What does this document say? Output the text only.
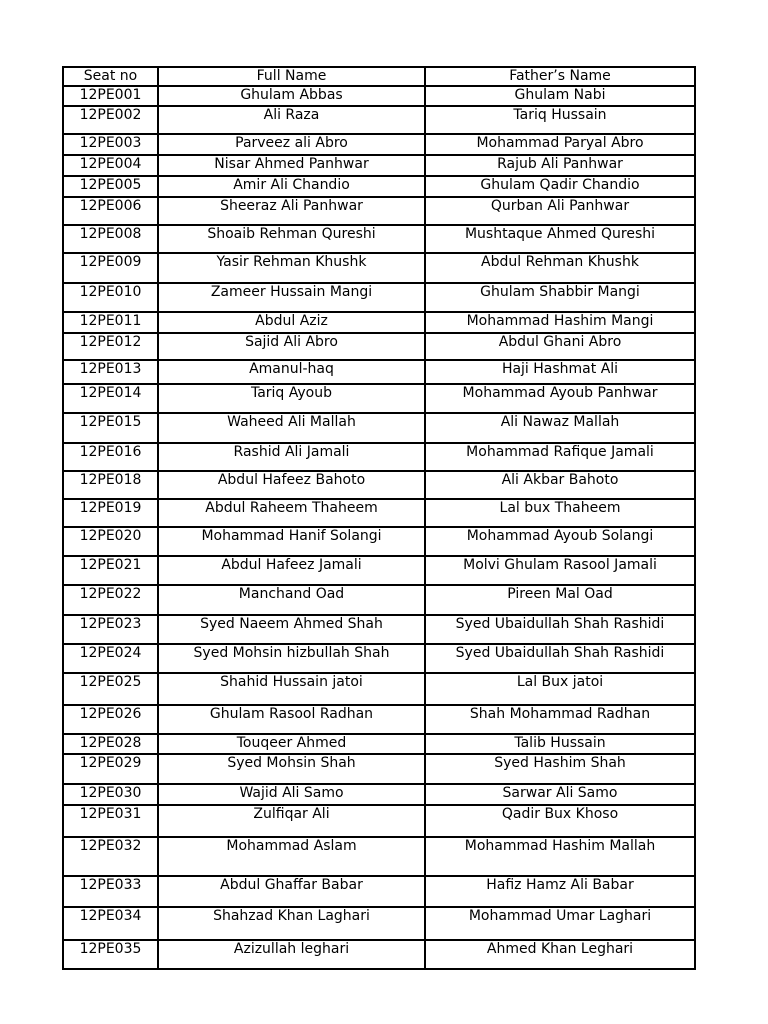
Seat no	Full Name	Father’s Name
12PE001	Ghulam Abbas	Ghulam Nabi
12PE002	Ali Raza	Tariq Hussain
12PE003	Parveez ali Abro	Mohammad Paryal Abro
12PE004	Nisar Ahmed Panhwar	Rajub Ali Panhwar
12PE005	Amir Ali Chandio	Ghulam Qadir Chandio
12PE006	Sheeraz Ali Panhwar	Qurban Ali Panhwar
12PE008	Shoaib Rehman Qureshi	Mushtaque Ahmed Qureshi
12PE009	Yasir Rehman Khushk	Abdul Rehman Khushk
12PE010	Zameer Hussain Mangi	Ghulam Shabbir Mangi
12PE011	Abdul Aziz	Mohammad Hashim Mangi
12PE012	Sajid Ali Abro	Abdul Ghani Abro
12PE013	Amanul-haq	Haji Hashmat Ali
12PE014	Tariq Ayoub	Mohammad Ayoub Panhwar
12PE015	Waheed Ali Mallah	Ali Nawaz Mallah
12PE016	Rashid Ali Jamali	Mohammad Rafique Jamali
12PE018	Abdul Hafeez Bahoto	Ali Akbar Bahoto
12PE019	Abdul Raheem Thaheem	Lal bux Thaheem
12PE020	Mohammad Hanif Solangi	Mohammad Ayoub Solangi
12PE021	Abdul Hafeez Jamali	Molvi Ghulam Rasool Jamali
12PE022	Manchand Oad	Pireen Mal Oad
12PE023	Syed Naeem Ahmed Shah	Syed Ubaidullah Shah Rashidi
12PE024	Syed Mohsin hizbullah Shah	Syed Ubaidullah Shah Rashidi
12PE025	Shahid Hussain jatoi	Lal Bux jatoi
12PE026	Ghulam Rasool Radhan	Shah Mohammad Radhan
12PE028	Touqeer Ahmed	Talib Hussain
12PE029	Syed Mohsin Shah	Syed Hashim Shah
12PE030	Wajid Ali Samo	Sarwar Ali Samo
12PE031	Zulfiqar Ali	Qadir Bux Khoso
12PE032	Mohammad Aslam	Mohammad Hashim Mallah
12PE033	Abdul Ghaffar Babar	Hafiz Hamz Ali Babar
12PE034	Shahzad Khan Laghari	Mohammad Umar Laghari
12PE035	Azizullah leghari	Ahmed Khan Leghari
